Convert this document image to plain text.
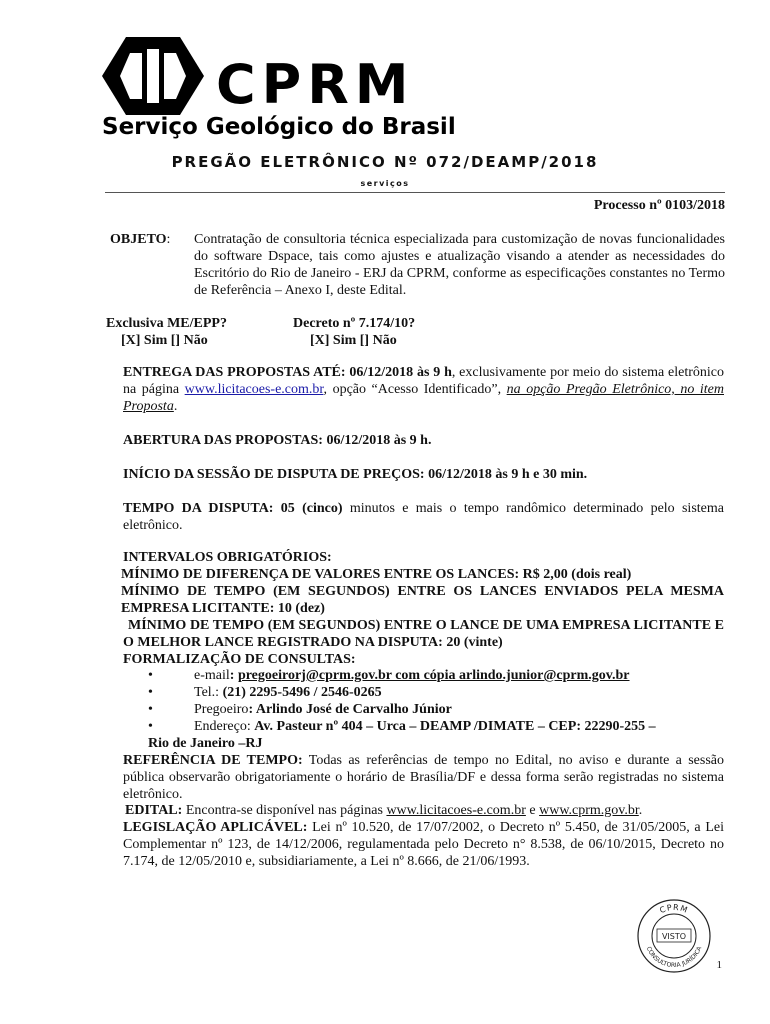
CPRM
Serviço Geológico do Brasil
PREGÃO ELETRÔNICO Nº 072/DEAMP/2018
serviços
Processo nº 0103/2018
OBJETO: Contratação de consultoria técnica especializada para customização de novas funcionalidades do software Dspace, tais como ajustes e atualização visando a atender as necessidades do Escritório do Rio de Janeiro - ERJ da CPRM, conforme as especificações constantes no Termo de Referência – Anexo I, deste Edital.
Exclusiva ME/EPP?
[X] Sim [] Não
Decreto nº 7.174/10?
[X] Sim [] Não
ENTREGA DAS PROPOSTAS ATÉ: 06/12/2018 às 9 h, exclusivamente por meio do sistema eletrônico na página www.licitacoes-e.com.br, opção “Acesso Identificado”, na opção Pregão Eletrônico, no item Proposta.
ABERTURA DAS PROPOSTAS: 06/12/2018 às 9 h.
INÍCIO DA SESSÃO DE DISPUTA DE PREÇOS: 06/12/2018 às 9 h e 30 min.
TEMPO DA DISPUTA: 05 (cinco) minutos e mais o tempo randômico determinado pelo sistema eletrônico.
INTERVALOS OBRIGATÓRIOS:
MÍNIMO DE DIFERENÇA DE VALORES ENTRE OS LANCES: R$ 2,00 (dois real)
MÍNIMO DE TEMPO (EM SEGUNDOS) ENTRE OS LANCES ENVIADOS PELA MESMA EMPRESA LICITANTE: 10 (dez)
MÍNIMO DE TEMPO (EM SEGUNDOS) ENTRE O LANCE DE UMA EMPRESA LICITANTE E O MELHOR LANCE REGISTRADO NA DISPUTA: 20 (vinte)
FORMALIZAÇÃO DE CONSULTAS:
•	e-mail: pregoeirorj@cprm.gov.br com cópia arlindo.junior@cprm.gov.br
•	Tel.: (21) 2295-5496 / 2546-0265
•	Pregoeiro: Arlindo José de Carvalho Júnior
•	Endereço: Av. Pasteur nº 404 – Urca – DEAMP /DIMATE – CEP: 22290-255 –
Rio de Janeiro –RJ
REFERÊNCIA DE TEMPO: Todas as referências de tempo no Edital, no aviso e durante a sessão pública observarão obrigatoriamente o horário de Brasília/DF e dessa forma serão registradas no sistema eletrônico.
EDITAL: Encontra-se disponível nas páginas www.licitacoes-e.com.br e www.cprm.gov.br.
LEGISLAÇÃO APLICÁVEL: Lei nº 10.520, de 17/07/2002, o Decreto nº 5.450, de 31/05/2005, a Lei Complementar nº 123, de 14/12/2006, regulamentada pelo Decreto n° 8.538, de 06/10/2015, Decreto no 7.174, de 12/05/2010 e, subsidiariamente, a Lei nº 8.666, de 21/06/1993.
CPRM
VISTO
CONSULTORIA JURÍDICA
1
